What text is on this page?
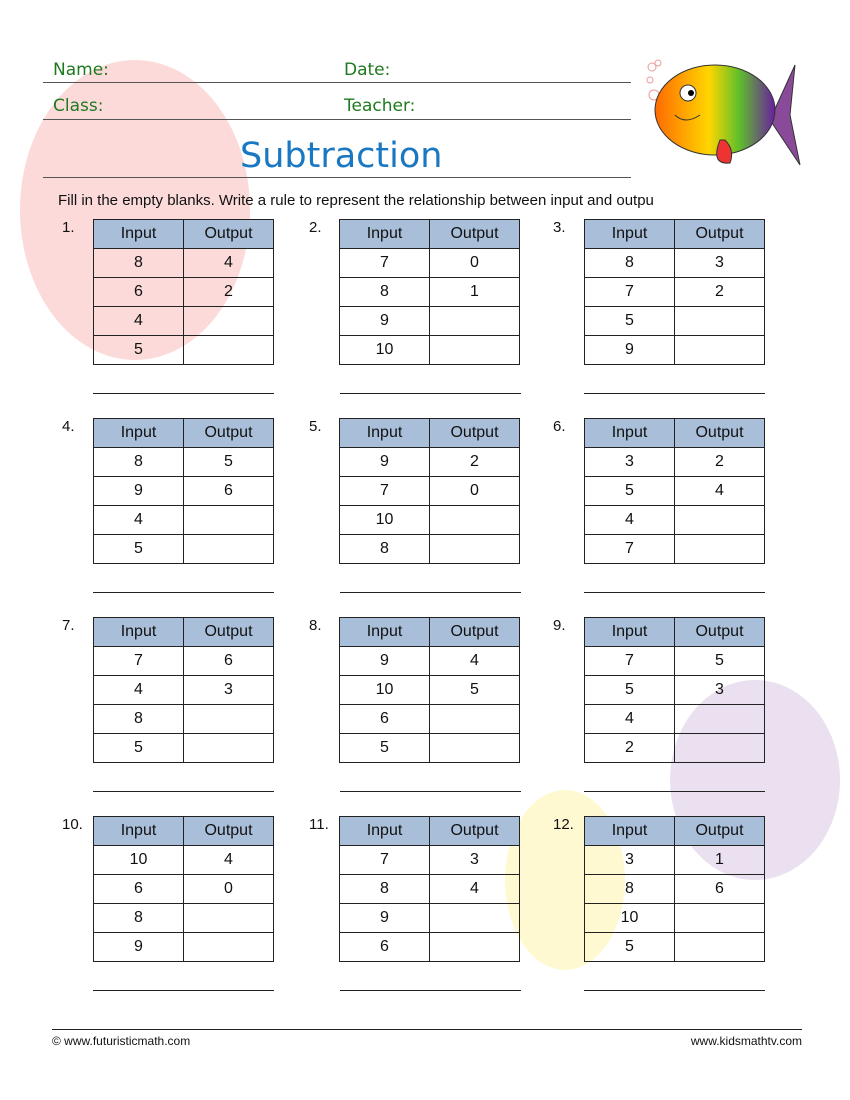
Name:	Date:
Class:	Teacher:
Subtraction
Fill in the empty blanks. Write a rule to represent the relationship between input and outpu
1.	Input	Output
8	4
6	2
4	
5	
2.	Input	Output
7	0
8	1
9	
10	
3.	Input	Output
8	3
7	2
5	
9	
4.	Input	Output
8	5
9	6
4	
5	
5.	Input	Output
9	2
7	0
10	
8	
6.	Input	Output
3	2
5	4
4	
7	
7.	Input	Output
7	6
4	3
8	
5	
8.	Input	Output
9	4
10	5
6	
5	
9.	Input	Output
7	5
5	3
4	
2	
10. Input	Output
10	4
6	0
8	
9	
11. Input	Output
7	3
8	4
9	
6	
12. Input	Output
3	1
8	6
10	
5	
© www.futuristicmath.com	www.kidsmathtv.com
